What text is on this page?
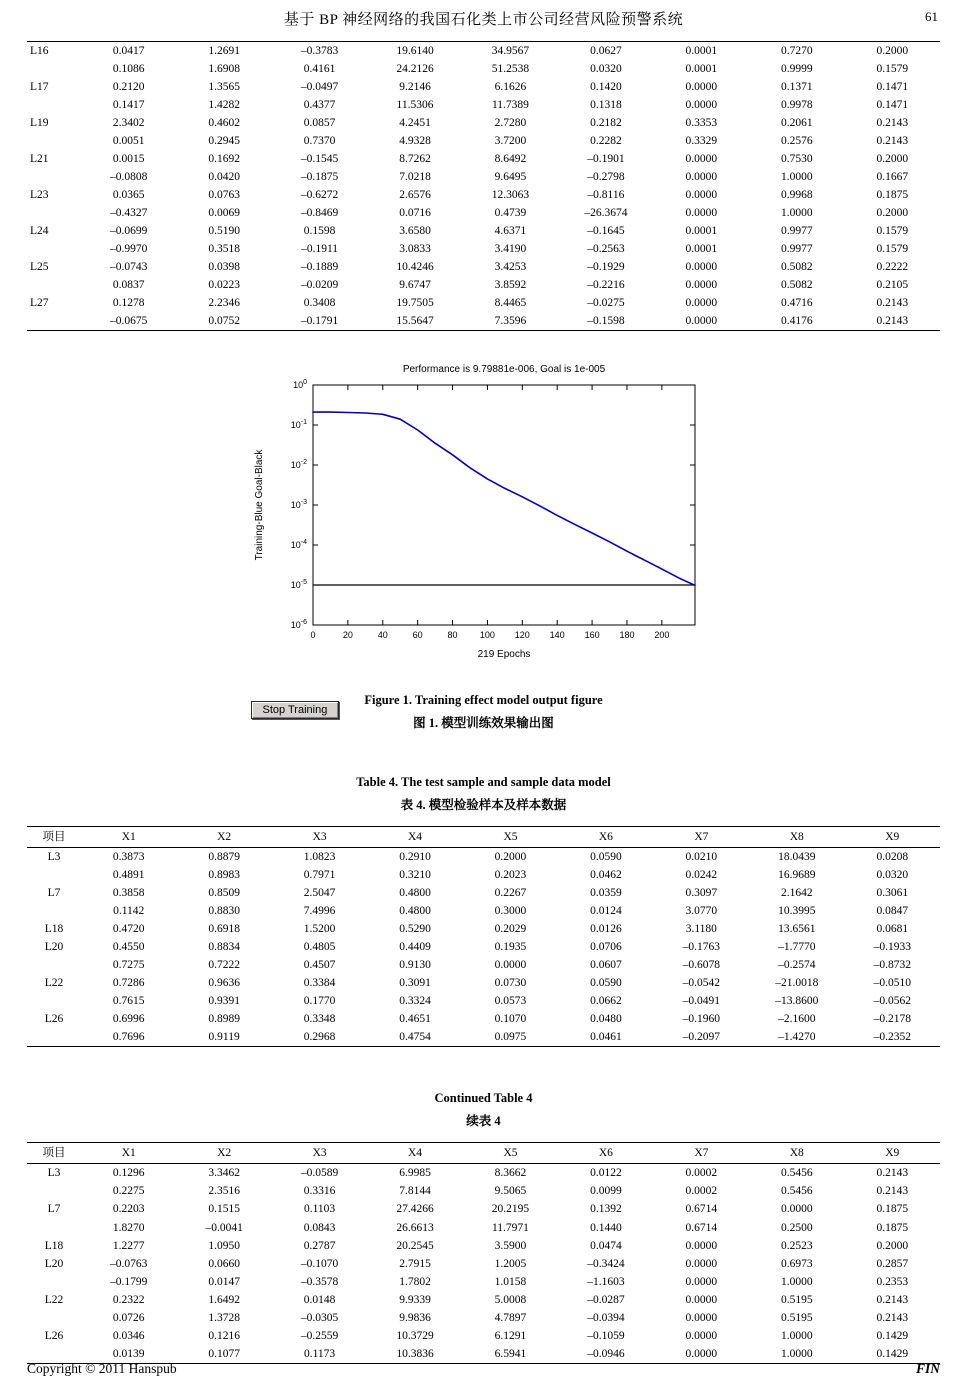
基于 BP 神经网络的我国石化类上市公司经营风险预警系统	61
L16	0.0417	1.2691	–0.3783	19.6140	34.9567	0.0627	0.0001	0.7270	0.2000
	0.1086	1.6908	0.4161	24.2126	51.2538	0.0320	0.0001	0.9999	0.1579
L17	0.2120	1.3565	–0.0497	9.2146	6.1626	0.1420	0.0000	0.1371	0.1471
	0.1417	1.4282	0.4377	11.5306	11.7389	0.1318	0.0000	0.9978	0.1471
L19	2.3402	0.4602	0.0857	4.2451	2.7280	0.2182	0.3353	0.2061	0.2143
	0.0051	0.2945	0.7370	4.9328	3.7200	0.2282	0.3329	0.2576	0.2143
L21	0.0015	0.1692	–0.1545	8.7262	8.6492	–0.1901	0.0000	0.7530	0.2000
	–0.0808	0.0420	–0.1875	7.0218	9.6495	–0.2798	0.0000	1.0000	0.1667
L23	0.0365	0.0763	–0.6272	2.6576	12.3063	–0.8116	0.0000	0.9968	0.1875
	–0.4327	0.0069	–0.8469	0.0716	0.4739	–26.3674	0.0000	1.0000	0.2000
L24	–0.0699	0.5190	0.1598	3.6580	4.6371	–0.1645	0.0001	0.9977	0.1579
	–0.9970	0.3518	–0.1911	3.0833	3.4190	–0.2563	0.0001	0.9977	0.1579
L25	–0.0743	0.0398	–0.1889	10.4246	3.4253	–0.1929	0.0000	0.5082	0.2222
	0.0837	0.0223	–0.0209	9.6747	3.8592	–0.2216	0.0000	0.5082	0.2105
L27	0.1278	2.2346	0.3408	19.7505	8.4465	–0.0275	0.0000	0.4716	0.2143
	–0.0675	0.0752	–0.1791	15.5647	7.3596	–0.1598	0.0000	0.4176	0.2143
Performance is 9.79881e-006, Goal is 1e-005
Training-Blue Goal-Black
219 Epochs
$10^0$
$10^{-1}$
$10^{-2}$
$10^{-3}$
$10^{-4}$
$10^{-5}$
$10^{-6}$
0	20	40	60	80 100 120 140 160 180 200
Stop Training
Figure 1. Training effect model output figure
图 1. 模型训练效果输出图
Table 4. The test sample and sample data model
表 4. 模型检验样本及样本数据
项目	X1	X2	X3	X4	X5	X6	X7	X8	X9
L3	0.3873	0.8879	1.0823	0.2910	0.2000	0.0590	0.0210	18.0439	0.0208
	0.4891	0.8983	0.7971	0.3210	0.2023	0.0462	0.0242	16.9689	0.0320
L7	0.3858	0.8509	2.5047	0.4800	0.2267	0.0359	0.3097	2.1642	0.3061
	0.1142	0.8830	7.4996	0.4800	0.3000	0.0124	3.0770	10.3995	0.0847
L18	0.4720	0.6918	1.5200	0.5290	0.2029	0.0126	3.1180	13.6561	0.0681
L20	0.4550	0.8834	0.4805	0.4409	0.1935	0.0706	–0.1763	–1.7770	–0.1933
	0.7275	0.7222	0.4507	0.9130	0.0000	0.0607	–0.6078	–0.2574	–0.8732
L22	0.7286	0.9636	0.3384	0.3091	0.0730	0.0590	–0.0542	–21.0018	–0.0510
	0.7615	0.9391	0.1770	0.3324	0.0573	0.0662	–0.0491	–13.8600	–0.0562
L26	0.6996	0.8989	0.3348	0.4651	0.1070	0.0480	–0.1960	–2.1600	–0.2178
	0.7696	0.9119	0.2968	0.4754	0.0975	0.0461	–0.2097	–1.4270	–0.2352
Continued Table 4
续表 4
项目	X1	X2	X3	X4	X5	X6	X7	X8	X9
L3	0.1296	3.3462	–0.0589	6.9985	8.3662	0.0122	0.0002	0.5456	0.2143
	0.2275	2.3516	0.3316	7.8144	9.5065	0.0099	0.0002	0.5456	0.2143
L7	0.2203	0.1515	0.1103	27.4266	20.2195	0.1392	0.6714	0.0000	0.1875
	1.8270	–0.0041	0.0843	26.6613	11.7971	0.1440	0.6714	0.2500	0.1875
L18	1.2277	1.0950	0.2787	20.2545	3.5900	0.0474	0.0000	0.2523	0.2000
L20	–0.0763	0.0660	–0.1070	2.7915	1.2005	–0.3424	0.0000	0.6973	0.2857
	–0.1799	0.0147	–0.3578	1.7802	1.0158	–1.1603	0.0000	1.0000	0.2353
L22	0.2322	1.6492	0.0148	9.9339	5.0008	–0.0287	0.0000	0.5195	0.2143
	0.0726	1.3728	–0.0305	9.9836	4.7897	–0.0394	0.0000	0.5195	0.2143
L26	0.0346	0.1216	–0.2559	10.3729	6.1291	–0.1059	0.0000	1.0000	0.1429
	0.0139	0.1077	0.1173	10.3836	6.5941	–0.0946	0.0000	1.0000	0.1429
Copyright © 2011 Hanspub	FIN
